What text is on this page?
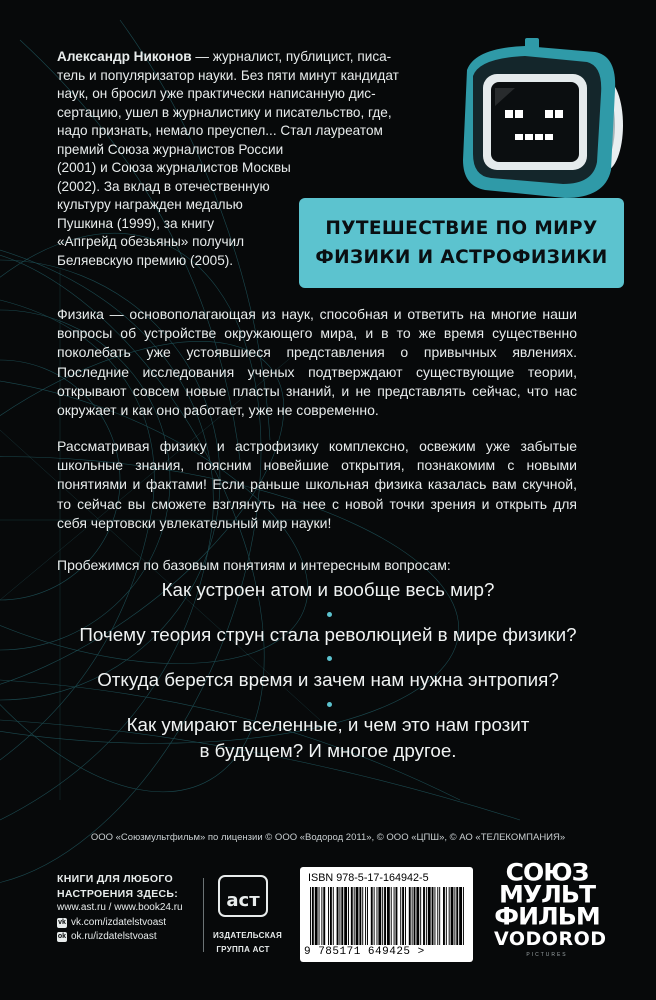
Александр Никонов — журналист, публицист, писа-
тель и популяризатор науки. Без пяти минут кандидат
наук, он бросил уже практически написанную дис-
сертацию, ушел в журналистику и писательство, где,
надо признать, немало преуспел... Стал лауреатом
премий Союза журналистов России
(2001) и Союза журналистов Москвы
(2002). За вклад в отечественную
культуру награжден медалью
Пушкина (1999), за книгу
«Апгрейд обезьяны» получил
Беляевскую премию (2005).

ПУТЕШЕСТВИЕ ПО МИРУ
ФИЗИКИ И АСТРОФИЗИКИ

Физика — основополагающая из наук, способная и ответить на многие наши вопросы об устройстве окружающего мира, и в то же время существенно поколебать уже устоявшиеся представления о привычных явлениях. Последние исследования ученых подтверждают существующие теории, открывают совсем новые пласты знаний, и не представлять сейчас, что нас окружает и как оно работает, уже не современно.

Рассматривая физику и астрофизику комплексно, освежим уже забытые школьные знания, поясним новейшие открытия, познакомим с новыми понятиями и фактами! Если раньше школьная физика казалась вам скучной, то сейчас вы сможете взглянуть на нее с новой точки зрения и открыть для себя чертовски увлекательный мир науки!

Пробежимся по базовым понятиям и интересным вопросам:

Как устроен атом и вообще весь мир?

Почему теория струн стала революцией в мире физики?

Откуда берется время и зачем нам нужна энтропия?

Как умирают вселенные, и чем это нам грозит

в будущем? И многое другое.

ООО «Союзмультфильм» по лицензии © ООО «Водород 2011», © ООО «ЦПШ», © АО «ТЕЛЕКОМПАНИЯ»

КНИГИ ДЛЯ ЛЮБОГО
НАСТРОЕНИЯ ЗДЕСЬ:
www.ast.ru / www.book24.ru
vk vk.com/izdatelstvoast
ok ok.ru/izdatelstvoast
аст
ИЗДАТЕЛЬСКАЯ
ГРУППА АСТ
ISBN 978-5-17-164942-5
9 785171 649425 >
СОЮЗ
МУЛЬТ
ФИЛЬМ
VODOROD
PICTURES
